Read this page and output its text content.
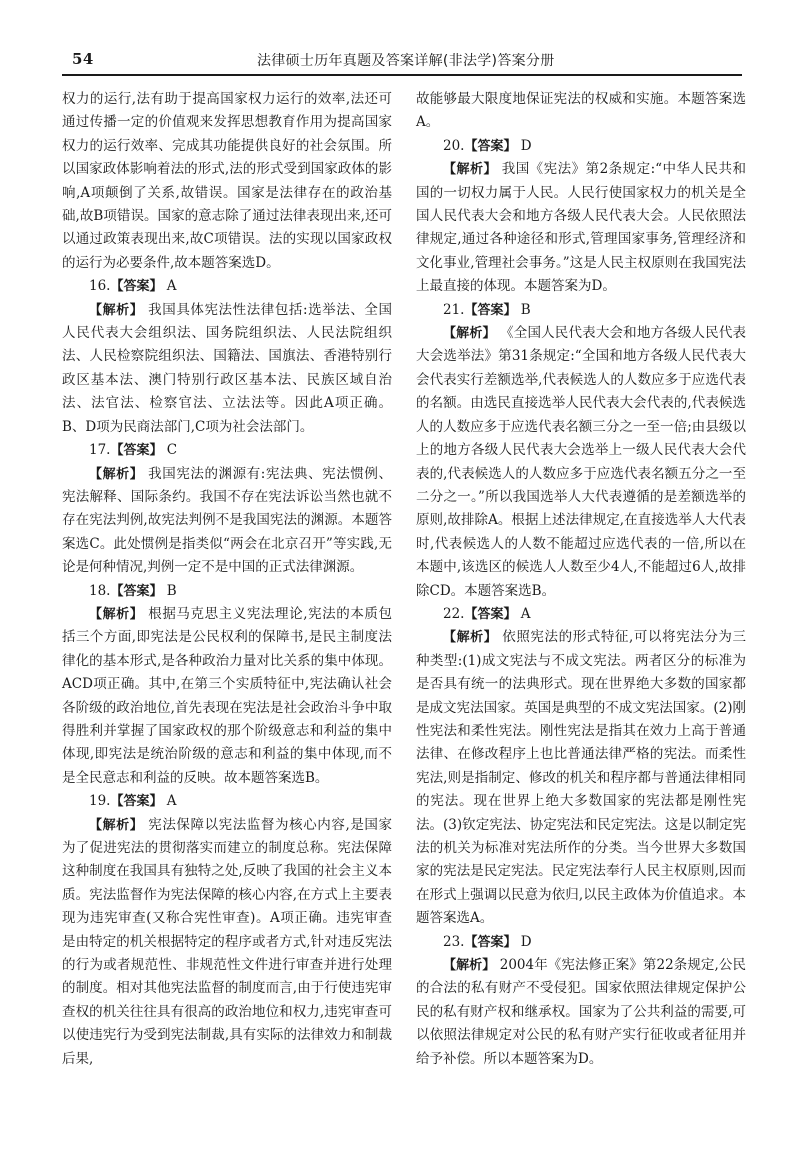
54	法律硕士历年真题及答案详解(非法学)答案分册

权力的运行,法有助于提高国家权力运行的效率,法还可通过传播一定的价值观来发挥思想教育作用为提高国家权力的运行效率、完成其功能提供良好的社会氛围。所以国家政体影响着法的形式,法的形式受到国家政体的影响,A项颠倒了关系,故错误。国家是法律存在的政治基础,故B项错误。国家的意志除了通过法律表现出来,还可以通过政策表现出来,故C项错误。法的实现以国家政权的运行为必要条件,故本题答案选D。

16.【答案】 A

【解析】 我国具体宪法性法律包括:选举法、全国人民代表大会组织法、国务院组织法、人民法院组织法、人民检察院组织法、国籍法、国旗法、香港特别行政区基本法、澳门特别行政区基本法、民族区域自治法、法官法、检察官法、立法法等。因此A项正确。B、D项为民商法部门,C项为社会法部门。

17.【答案】 C

【解析】 我国宪法的渊源有:宪法典、宪法惯例、宪法解释、国际条约。我国不存在宪法诉讼当然也就不存在宪法判例,故宪法判例不是我国宪法的渊源。本题答案选C。此处惯例是指类似“两会在北京召开”等实践,无论是何种情况,判例一定不是中国的正式法律渊源。

18.【答案】 B

【解析】 根据马克思主义宪法理论,宪法的本质包括三个方面,即宪法是公民权利的保障书,是民主制度法律化的基本形式,是各种政治力量对比关系的集中体现。ACD项正确。其中,在第三个实质特征中,宪法确认社会各阶级的政治地位,首先表现在宪法是社会政治斗争中取得胜利并掌握了国家政权的那个阶级意志和利益的集中体现,即宪法是统治阶级的意志和利益的集中体现,而不是全民意志和利益的反映。故本题答案选B。

19.【答案】 A

【解析】 宪法保障以宪法监督为核心内容,是国家为了促进宪法的贯彻落实而建立的制度总称。宪法保障这种制度在我国具有独特之处,反映了我国的社会主义本质。宪法监督作为宪法保障的核心内容,在方式上主要表现为违宪审查(又称合宪性审查)。A项正确。违宪审查是由特定的机关根据特定的程序或者方式,针对违反宪法的行为或者规范性、非规范性文件进行审查并进行处理的制度。相对其他宪法监督的制度而言,由于行使违宪审查权的机关往往具有很高的政治地位和权力,违宪审查可以使违宪行为受到宪法制裁,具有实际的法律效力和制裁后果,

故能够最大限度地保证宪法的权威和实施。本题答案选A。

20.【答案】 D

【解析】 我国《宪法》第2条规定:“中华人民共和国的一切权力属于人民。人民行使国家权力的机关是全国人民代表大会和地方各级人民代表大会。人民依照法律规定,通过各种途径和形式,管理国家事务,管理经济和文化事业,管理社会事务。”这是人民主权原则在我国宪法上最直接的体现。本题答案为D。

21.【答案】 B

【解析】 《全国人民代表大会和地方各级人民代表大会选举法》第31条规定:“全国和地方各级人民代表大会代表实行差额选举,代表候选人的人数应多于应选代表的名额。由选民直接选举人民代表大会代表的,代表候选人的人数应多于应选代表名额三分之一至一倍;由县级以上的地方各级人民代表大会选举上一级人民代表大会代表的,代表候选人的人数应多于应选代表名额五分之一至二分之一。”所以我国选举人大代表遵循的是差额选举的原则,故排除A。根据上述法律规定,在直接选举人大代表时,代表候选人的人数不能超过应选代表的一倍,所以在本题中,该选区的候选人人数至少4人,不能超过6人,故排除CD。本题答案选B。

22.【答案】 A

【解析】 依照宪法的形式特征,可以将宪法分为三种类型:(1)成文宪法与不成文宪法。两者区分的标准为是否具有统一的法典形式。现在世界绝大多数的国家都是成文宪法国家。英国是典型的不成文宪法国家。(2)刚性宪法和柔性宪法。刚性宪法是指其在效力上高于普通法律、在修改程序上也比普通法律严格的宪法。而柔性宪法,则是指制定、修改的机关和程序都与普通法律相同的宪法。现在世界上绝大多数国家的宪法都是刚性宪法。(3)钦定宪法、协定宪法和民定宪法。这是以制定宪法的机关为标准对宪法所作的分类。当今世界大多数国家的宪法是民定宪法。民定宪法奉行人民主权原则,因而在形式上强调以民意为依归,以民主政体为价值追求。本题答案选A。

23.【答案】 D

【解析】 2004年《宪法修正案》第22条规定,公民的合法的私有财产不受侵犯。国家依照法律规定保护公民的私有财产权和继承权。国家为了公共利益的需要,可以依照法律规定对公民的私有财产实行征收或者征用并给予补偿。所以本题答案为D。
